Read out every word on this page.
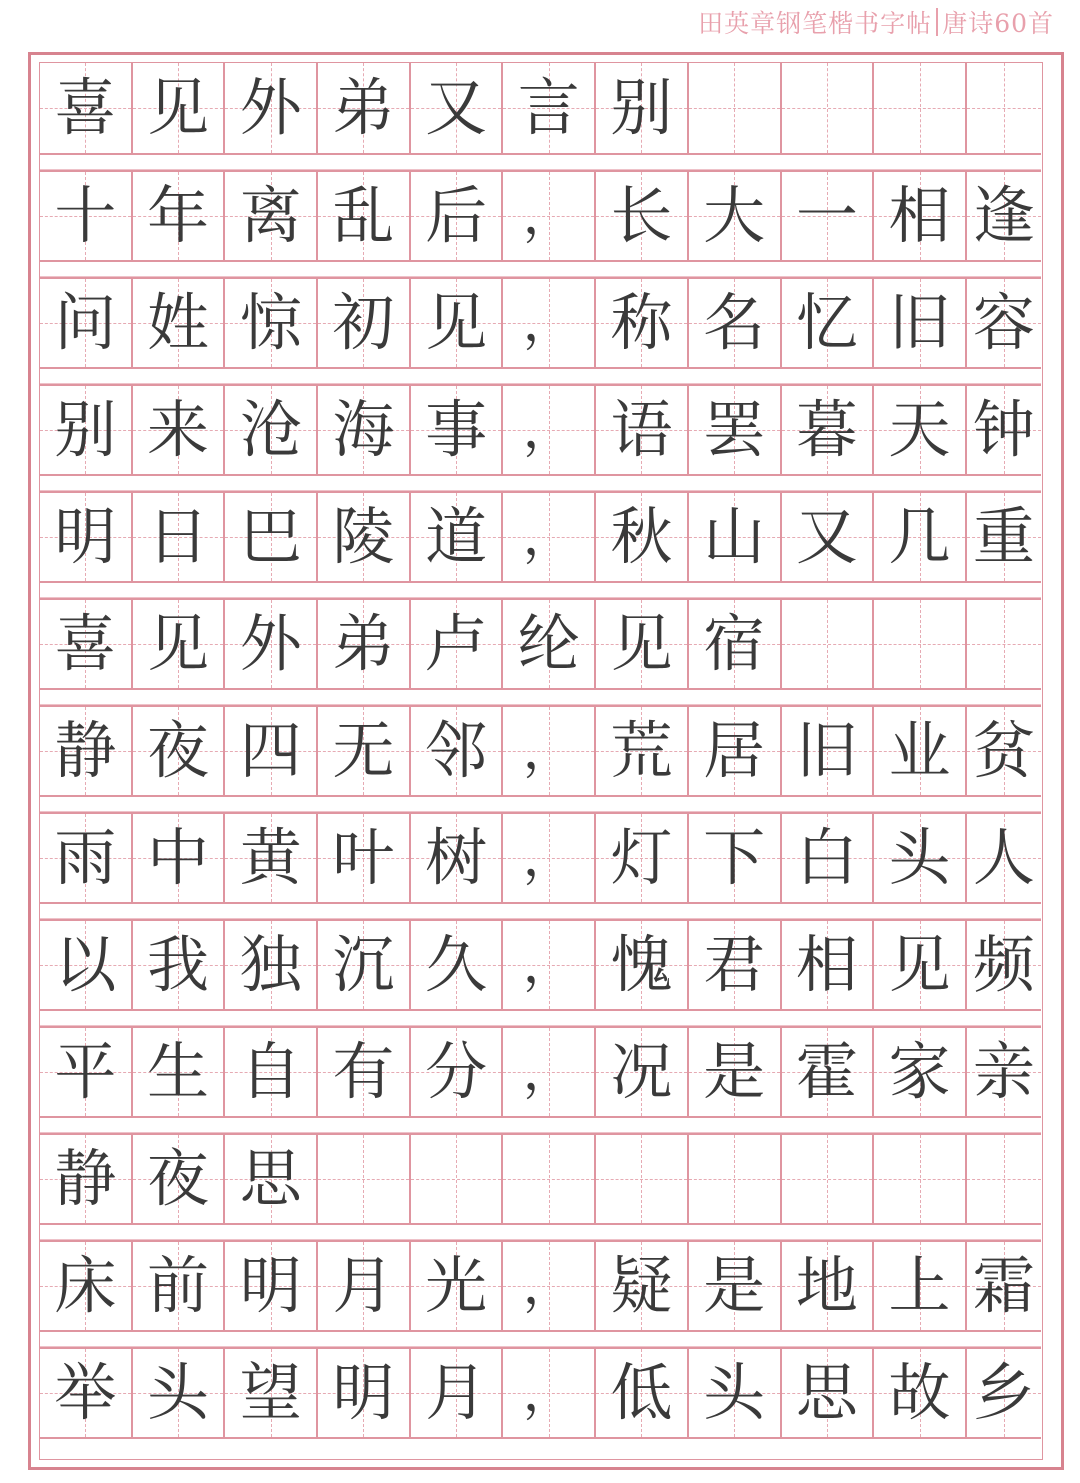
田英章钢笔楷书字帖 唐诗60首
喜 见 外 弟 又 言 别
十 年 离 乱 后 ， 长 大 一 相 逢
问 姓 惊 初 见 ， 称 名 忆 旧 容
别 来 沧 海 事 ， 语 罢 暮 天 钟
明 日 巴 陵 道 ， 秋 山 又 几 重
喜 见 外 弟 卢 纶 见 宿
静 夜 四 无 邻 ， 荒 居 旧 业 贫
雨 中 黄 叶 树 ， 灯 下 白 头 人
以 我 独 沉 久 ， 愧 君 相 见 频
平 生 自 有 分 ， 况 是 霍 家 亲
静 夜 思
床 前 明 月 光 ， 疑 是 地 上 霜
举 头 望 明 月 ， 低 头 思 故 乡
